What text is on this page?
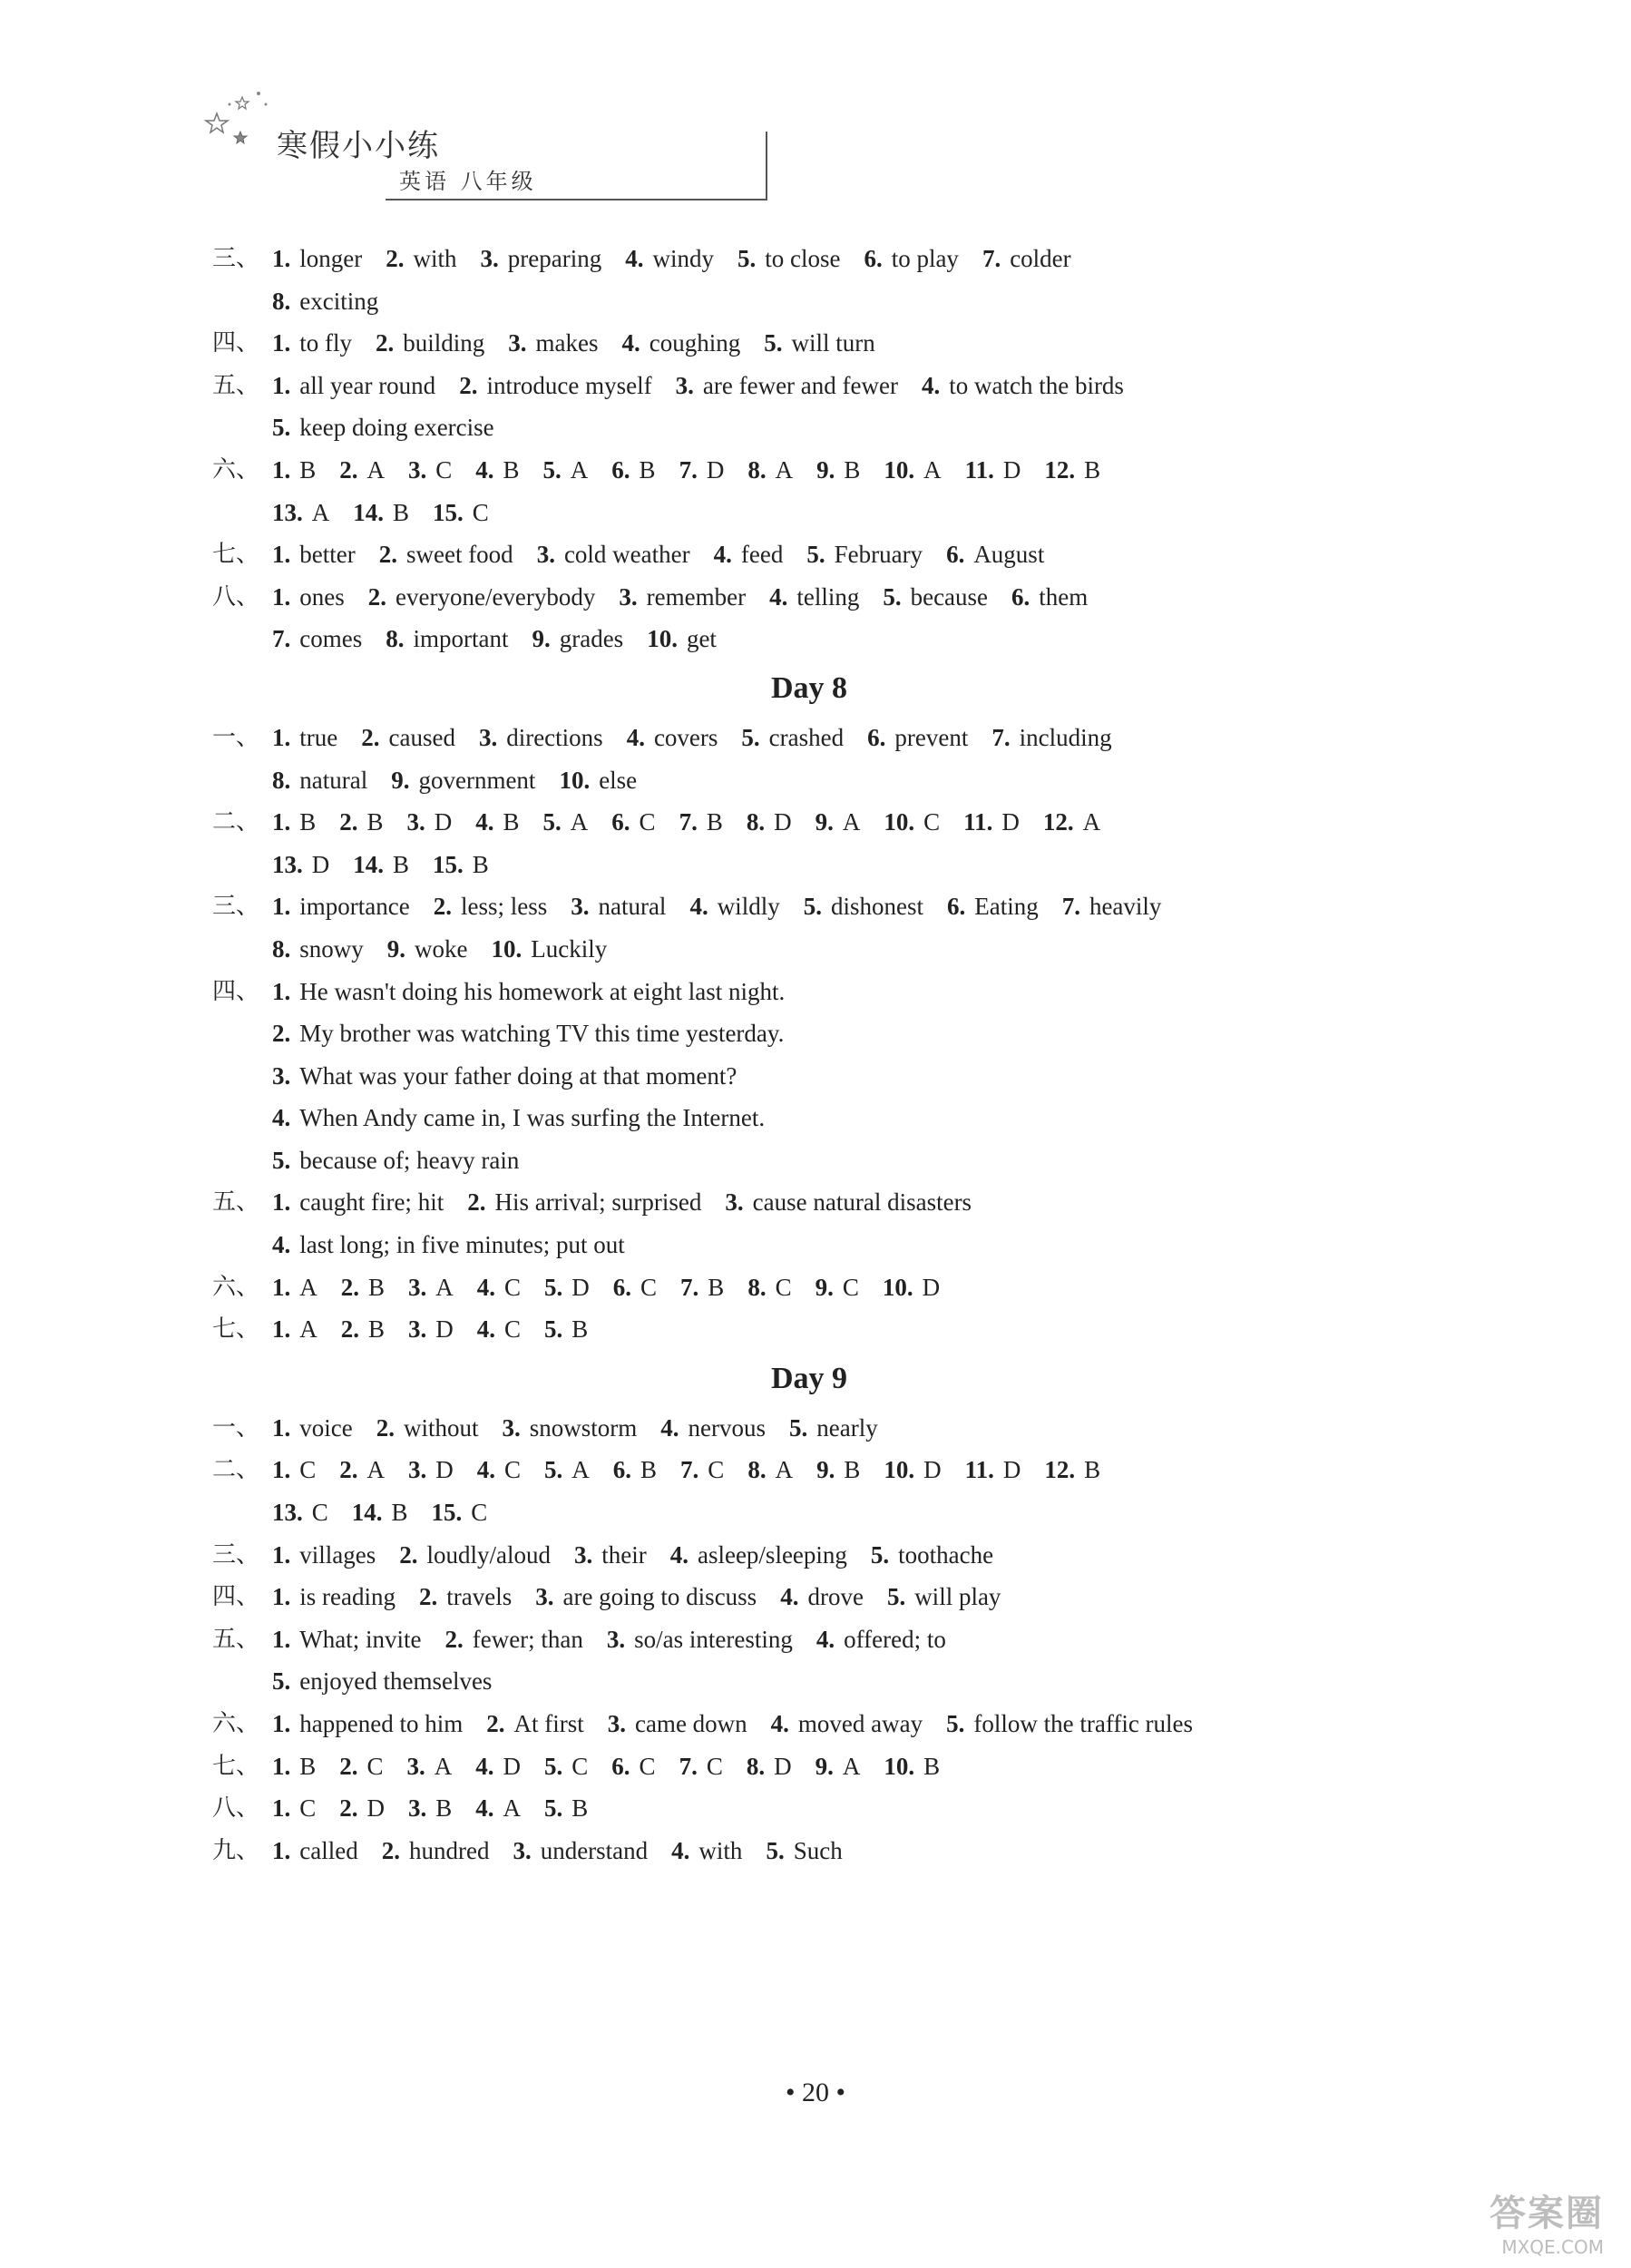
寒假小小练
英语 八年级
三、 1. longer 2. with 3. preparing 4. windy 5. to close 6. to play 7. colder
8. exciting
四、 1. to fly 2. building 3. makes 4. coughing 5. will turn
五、 1. all year round 2. introduce myself 3. are fewer and fewer 4. to watch the birds
5. keep doing exercise
六、 1. B 2. A 3. C 4. B 5. A 6. B 7. D 8. A 9. B 10. A 11. D 12. B
13. A 14. B 15. C
七、 1. better 2. sweet food 3. cold weather 4. feed 5. February 6. August
八、 1. ones 2. everyone/everybody 3. remember 4. telling 5. because 6. them
7. comes 8. important 9. grades 10. get
Day 8
一、 1. true 2. caused 3. directions 4. covers 5. crashed 6. prevent 7. including
8. natural 9. government 10. else
二、 1. B 2. B 3. D 4. B 5. A 6. C 7. B 8. D 9. A 10. C 11. D 12. A
13. D 14. B 15. B
三、 1. importance 2. less; less 3. natural 4. wildly 5. dishonest 6. Eating 7. heavily
8. snowy 9. woke 10. Luckily
四、 1. He wasn't doing his homework at eight last night.
2. My brother was watching TV this time yesterday.
3. What was your father doing at that moment?
4. When Andy came in, I was surfing the Internet.
5. because of; heavy rain
五、 1. caught fire; hit 2. His arrival; surprised 3. cause natural disasters
4. last long; in five minutes; put out
六、 1. A 2. B 3. A 4. C 5. D 6. C 7. B 8. C 9. C 10. D
七、 1. A 2. B 3. D 4. C 5. B
Day 9
一、 1. voice 2. without 3. snowstorm 4. nervous 5. nearly
二、 1. C 2. A 3. D 4. C 5. A 6. B 7. C 8. A 9. B 10. D 11. D 12. B
13. C 14. B 15. C
三、 1. villages 2. loudly/aloud 3. their 4. asleep/sleeping 5. toothache
四、 1. is reading 2. travels 3. are going to discuss 4. drove 5. will play
五、 1. What; invite 2. fewer; than 3. so/as interesting 4. offered; to
5. enjoyed themselves
六、 1. happened to him 2. At first 3. came down 4. moved away 5. follow the traffic rules
七、 1. B 2. C 3. A 4. D 5. C 6. C 7. C 8. D 9. A 10. B
八、 1. C 2. D 3. B 4. A 5. B
九、 1. called 2. hundred 3. understand 4. with 5. Such
• 20 •
答案圈
MXQE.COM
